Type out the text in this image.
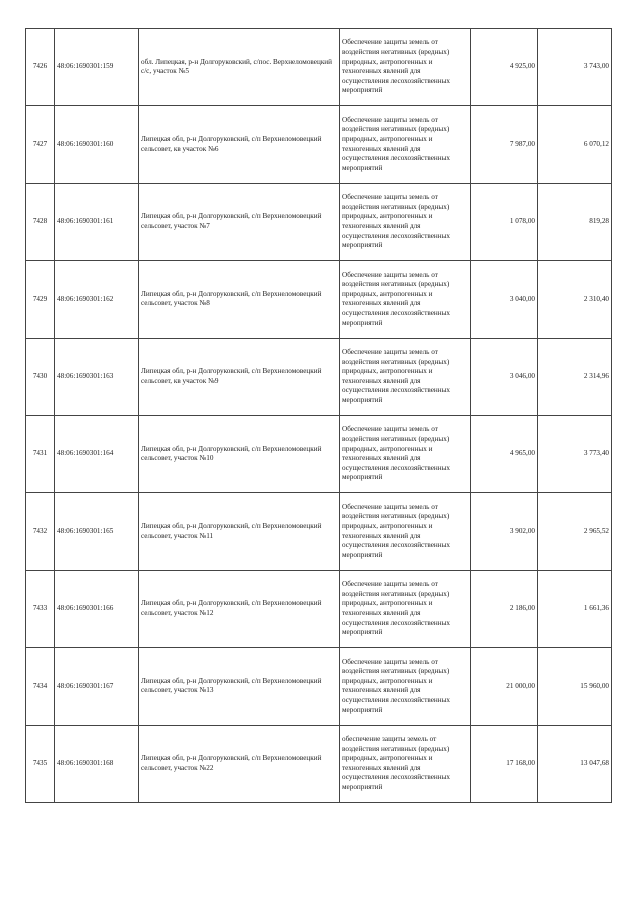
7426	48:06:1690301:159	обл. Липецкая, р-н Долгоруковский, с/пос. Верхнеломовецкий с/с, участок №5	Обеспечение защиты земель от воздействия негативных (вредных) природных, антропогенных и техногенных явлений для осуществления лесохозяйственных мероприятий	4 925,00	3 743,00
7427	48:06:1690301:160	Липецкая обл, р-н Долгоруковский, с/п Верхнеломовецкий сельсовет, кв участок №6	Обеспечение защиты земель от воздействия негативных (вредных) природных, антропогенных и техногенных явлений для осуществления лесохозяйственных мероприятий	7 987,00	6 070,12
7428	48:06:1690301:161	Липецкая обл, р-н Долгоруковский, с/п Верхнеломовецкий сельсовет, участок №7	Обеспечение защиты земель от воздействия негативных (вредных) природных, антропогенных и техногенных явлений для осуществления лесохозяйственных мероприятий	1 078,00	819,28
7429	48:06:1690301:162	Липецкая обл, р-н Долгоруковский, с/п Верхнеломовецкий сельсовет, участок №8	Обеспечение защиты земель от воздействия негативных (вредных) природных, антропогенных и техногенных явлений для осуществления лесохозяйственных мероприятий	3 040,00	2 310,40
7430	48:06:1690301:163	Липецкая обл, р-н Долгоруковский, с/п Верхнеломовецкий сельсовет, кв участок №9	Обеспечение защиты земель от воздействия негативных (вредных) природных, антропогенных и техногенных явлений для осуществления лесохозяйственных мероприятий	3 046,00	2 314,96
7431	48:06:1690301:164	Липецкая обл, р-н Долгоруковский, с/п Верхнеломовецкий сельсовет, участок №10	Обеспечение защиты земель от воздействия негативных (вредных) природных, антропогенных и техногенных явлений для осуществления лесохозяйственных мероприятий	4 965,00	3 773,40
7432	48:06:1690301:165	Липецкая обл, р-н Долгоруковский, с/п Верхнеломовецкий сельсовет, участок №11	Обеспечение защиты земель от воздействия негативных (вредных) природных, антропогенных и техногенных явлений для осуществления лесохозяйственных мероприятий	3 902,00	2 965,52
7433	48:06:1690301:166	Липецкая обл, р-н Долгоруковский, с/п Верхнеломовецкий сельсовет, участок №12	Обеспечение защиты земель от воздействия негативных (вредных) природных, антропогенных и техногенных явлений для осуществления лесохозяйственных мероприятий	2 186,00	1 661,36
7434	48:06:1690301:167	Липецкая обл, р-н Долгоруковский, с/п Верхнеломовецкий сельсовет, участок №13	Обеспечение защиты земель от воздействия негативных (вредных) природных, антропогенных и техногенных явлений для осуществления лесохозяйственных мероприятий	21 000,00	15 960,00
7435	48:06:1690301:168	Липецкая обл, р-н Долгоруковский, с/п Верхнеломовецкий сельсовет, участок №22	обеспечение защиты земель от воздействия негативных (вредных) природных, антропогенных и техногенных явлений для осуществления лесохозяйственных мероприятий	17 168,00	13 047,68
